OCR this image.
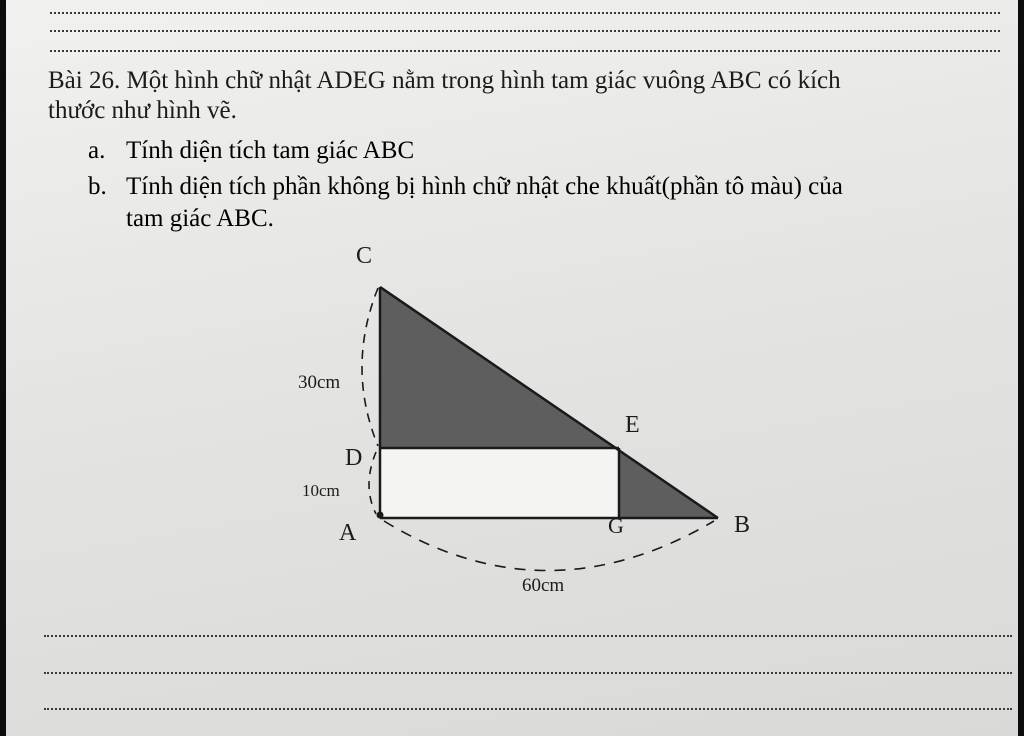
Bài 26. Một hình chữ nhật ADEG nằm trong hình tam giác vuông ABC có kích

thước như hình vẽ.

a. Tính diện tích tam giác ABC
b. Tính diện tích phần không bị hình chữ nhật che khuất(phần tô màu) của
tam giác ABC.
C
E
D
A	G	B
30cm
10cm
60cm
